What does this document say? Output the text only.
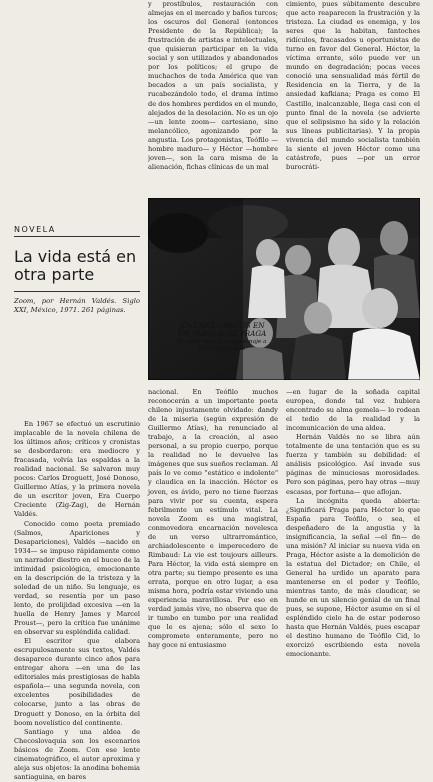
y prostíbulos, restauración con almejas en el mercado y baños turcos; los oscuros del General (entonces Presidente de la República); la frustración de artistas e intelectuales, que quisieran participar en la vida social y son utilizados y abandonados por los políticos; el grupo de muchachos de toda América que van becados a un país socialista, y rucabezándolo todo, el drama íntimo de dos hombres perdidos en el mundo, alejados de la desolación. No es un ojo —un lente zoom— cartesiano, sino melancólico, agonizando por la angustia. Los protagonistas, Teófilo —hombre maduro— y Héctor —hombre joven—, son la cara misma de la alienación, fichas clínicas de un mal

cimiento, pues súbitamente descubre que acto reaparecen la frustración y la tristeza. La ciudad es enemiga, y los seres que la habitan, fantoches ridículos, fracasados u oportunistas de turno en favor del General. Héctor, la víctima errante, sólo puede ver un mundo en degradación; pocas veces conoció una sensualidad más fértil de Residencia en la Tierra, y de la ansiedad kafkiana; Praga es como El Castillo, inalcanzable, llega casi con el punto final de la novela (se advierte que el solipsismo ha sido y la relación sus líneas publicitarias). Y la propia vivencia del mundo socialista también la siente el joven Héctor como una catástrofe, pues —por un error burocráti-

NOVELA
La vida está en otra parte
Zoom, por Hernán Valdés. Siglo XXI, México, 1971. 261 páginas.

En 1967 se efectuó un escrutinio implacable de la novela chilena de los últimos años; críticos y cronistas se desbordaron: era mediocre y fracasada, volvía las espaldas a la realidad nacional. Se salvaron muy pocos: Carlos Droguett, José Donoso, Guillermo Atías, y la primera novela de un escritor joven, Era Cuerpo Creciente (Zig-Zag), de Hernán Valdés.

Conocido como poeta premiado (Salmos, Apariciones y Desapariciones), Valdés —nacido en 1934— se impuso rápidamente como un narrador diestro en el buceo de la intimidad psicológica, emocionante en la descripción de la tristeza y la soledad de un niño. Su lenguaje, es verdad, se resentía por un paso lento, de prolijidad excesiva —en la huella de Henry James y Marcel Proust—, pero la crítica fue unánime en observar su espléndida calidad.

El escritor que elabora escrupulosamente sus textos, Valdés desaparece durante cinco años para entregar ahora —en una de las editoriales más prestigiosas de habla española— una segunda novela, con excelentes posibilidades de colocarse, junto a las obras de Droguett y Donoso, en la órbita del boom novelístico del continente.

Santiago y una aldea de Checoslovaquia son los escenarios básicos de Zoom. Con ese lente cinematográfico, el autor aproxima y aleja sus objetos: la anodina bohemia santiaguina, en bares

JÓVENES CHECOS EN UN PARQUE DE PRAGA
El autor lleva a su personaje a Checoslovaquia

nacional. En Teófilo muchos reconocerán a un importante poeta chileno injustamente olvidado: dandy de la miseria (según expresión de Guillermo Atías), ha renunciado al trabajo, a la creación, al aseo personal, a su propio cuerpo, porque la realidad no le devuelve las imágenes que sus sueños reclaman. Al país lo ve como "estático e indolente" y claudica en la inacción. Héctor es joven, es ávido, pero no tiene fuerzas para vivir por su cuenta, espera febrilmente un estímulo vital. La novela Zoom es una magistral, conmovedora encarnación novelesca de un verso ultrarromántico, archiadolescente e imperecedero de Rimbaud: La vie est toujours ailleurs. Para Héctor, la vida está siempre en otra parte; su tiempo presente es una errata, porque en otro lugar, a esa misma hora, podría estar viviendo una experiencia maravillosa. Por eso en verdad jamás vive, no observa que de ir tumbo en tumbo por una realidad que le es ajena; sólo el sexo lo compromete enteramente, pero no hay goce ni entusiasmo

—en lugar de la soñada capital europea, donde tal vez hubiera encontrado su alma gemela— lo rodean el tedio de la realidad y la incomunicación de una aldea.

Hernán Valdés no se libra aún totalmente de una tentación que es su fuerza y también su debilidad: el análisis psicológico. Así invade sus páginas de minuciosas morosidades. Pero son páginas, pero hay otras —muy escasas, por fortuna— que aflojan.

La incógnita queda abierta: ¿Significará Praga para Héctor lo que España para Teófilo, o sea, el despeñadero de la angustia y la insignificancia, la señal —el fin— de una misión? Al iniciar su nueva vida en Praga, Héctor asiste a la demolición de la estatua del Dictador; en Chile, el General ha urdido un aparato para mantenerse en el poder y Teófilo, mientras tanto, de más claudicar, se hunde en un silencio genial de un final pues, se supone, Héctor asume en sí el espléndido cielo ha de estar poderoso hasta que Hernán Valdés, pues escapar el destino humano de Teófilo Cid, lo exorcizó escribiendo esta novela emocionante.
